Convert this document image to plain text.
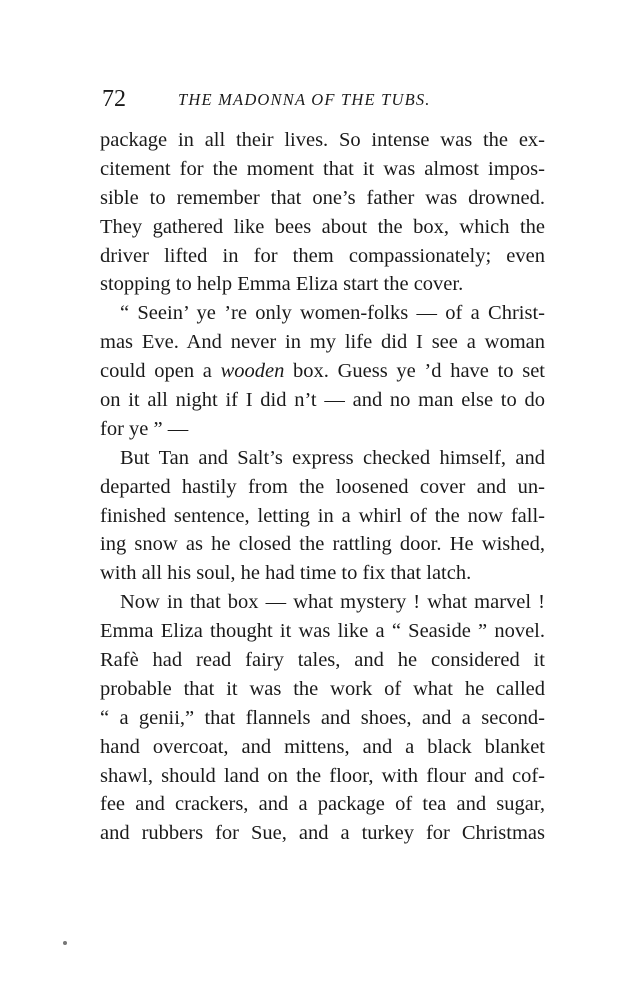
72	THE MADONNA OF THE TUBS.
package in all their lives. So intense was the ex-
citement for the moment that it was almost impos-
sible to remember that one’s father was drowned.
They gathered like bees about the box, which the
driver lifted in for them compassionately; even
stopping to help Emma Eliza start the cover.
“ Seein’ ye ’re only women-folks — of a Christ-
mas Eve. And never in my life did I see a woman
could open a wooden box. Guess ye ’d have to set
on it all night if I did n’t — and no man else to do
for ye ” —
But Tan and Salt’s express checked himself, and
departed hastily from the loosened cover and un-
finished sentence, letting in a whirl of the now fall-
ing snow as he closed the rattling door. He wished,
with all his soul, he had time to fix that latch.
Now in that box — what mystery ! what marvel !
Emma Eliza thought it was like a “ Seaside ” novel.
Rafè had read fairy tales, and he considered it
probable that it was the work of what he called
“ a genii,” that flannels and shoes, and a second-
hand overcoat, and mittens, and a black blanket
shawl, should land on the floor, with flour and cof-
fee and crackers, and a package of tea and sugar,
and rubbers for Sue, and a turkey for Christmas
